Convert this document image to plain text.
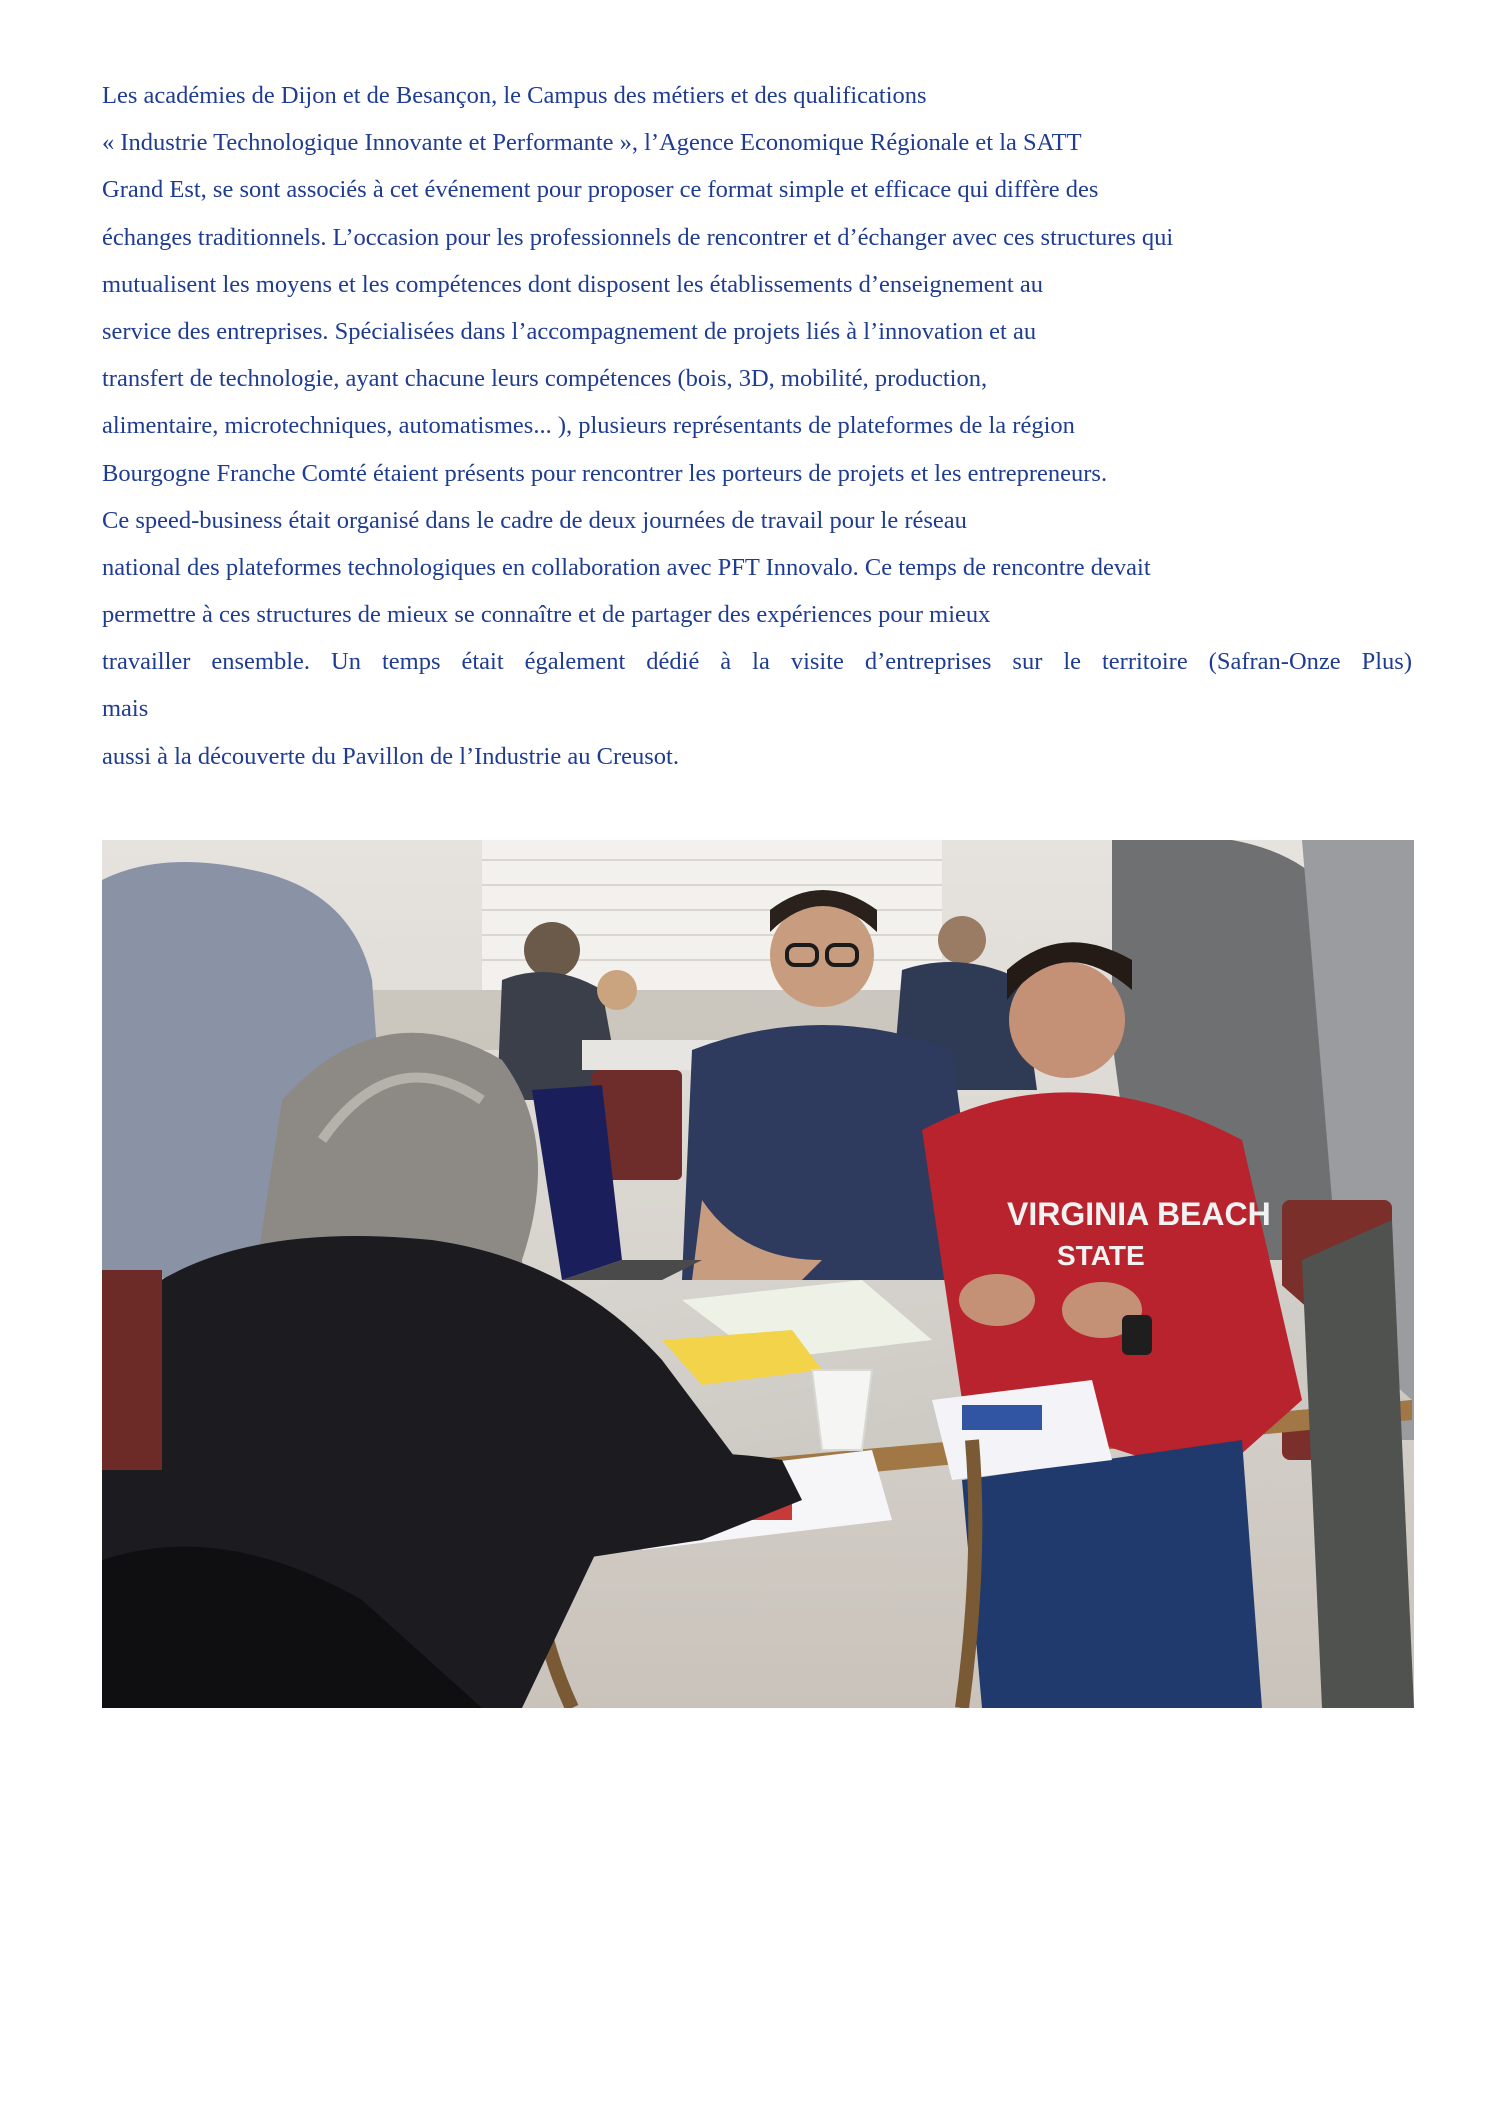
Les académies de Dijon et de Besançon, le Campus des métiers et des qualifications
« Industrie Technologique Innovante et Performante », l’Agence Economique Régionale et la SATT
Grand Est, se sont associés à cet événement pour proposer ce format simple et efficace qui diffère des
échanges traditionnels. L’occasion pour les professionnels de rencontrer et d’échanger avec ces structures qui
mutualisent les moyens et les compétences dont disposent les établissements d’enseignement au
service des entreprises. Spécialisées dans l’accompagnement de projets liés à l’innovation et au
transfert de technologie, ayant chacune leurs compétences (bois, 3D, mobilité, production,
alimentaire, microtechniques, automatismes... ), plusieurs représentants de plateformes de la région
Bourgogne Franche Comté étaient présents pour rencontrer les porteurs de projets et les entrepreneurs.
Ce speed-business était organisé dans le cadre de deux journées de travail pour le réseau
national des plateformes technologiques en collaboration avec PFT Innovalo. Ce temps de rencontre devait
permettre à ces structures de mieux se connaître et de partager des expériences pour mieux
travailler ensemble. Un temps était également dédié à la visite d’entreprises sur le territoire (Safran-Onze Plus)
mais
aussi à la découverte du Pavillon de l’Industrie au Creusot.
VIRGINIA BEACH
STATE
